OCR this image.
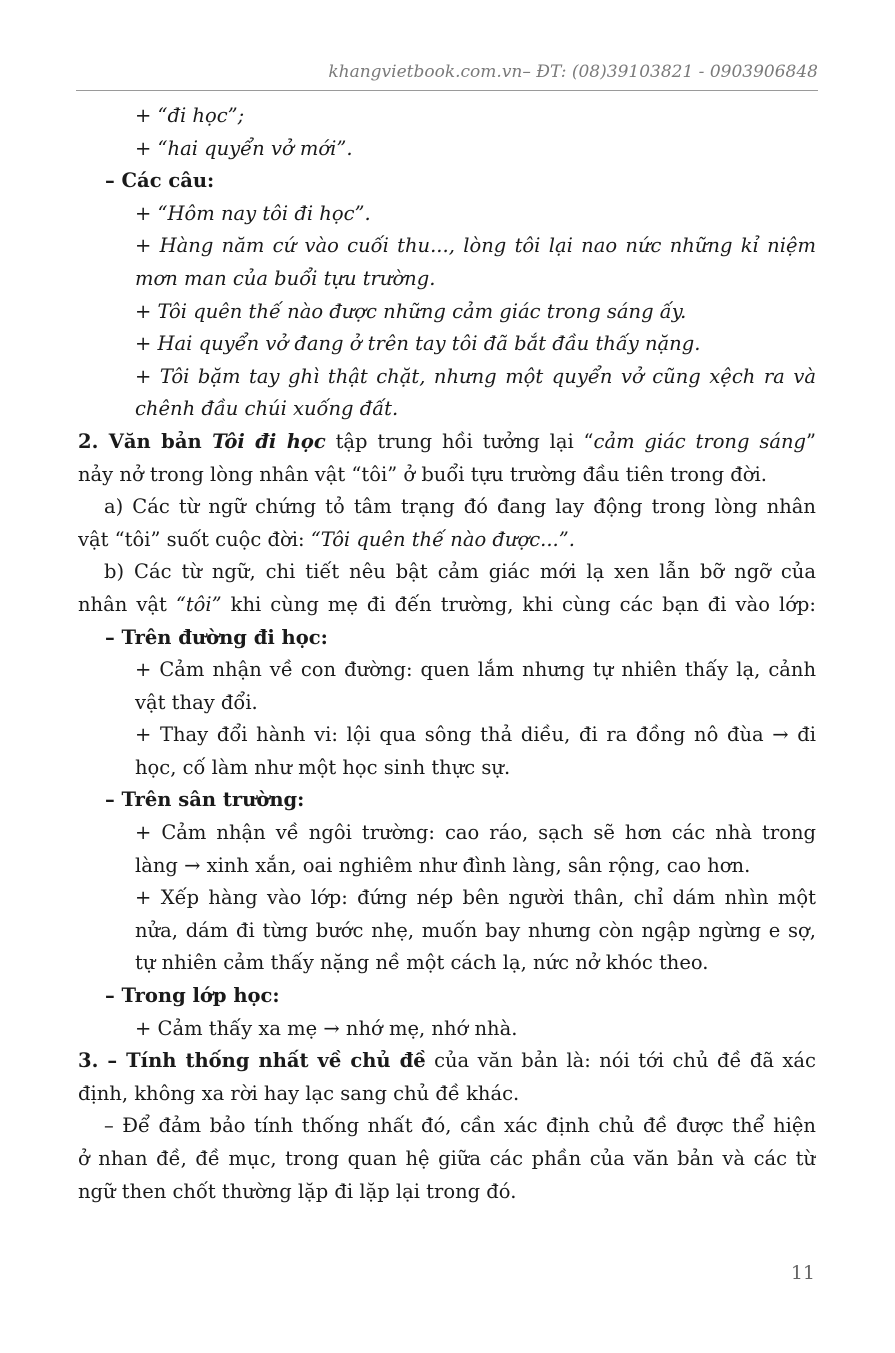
khangvietbook.com.vn– ĐT: (08)39103821 - 0903906848
+ “đi học”;
+ “hai quyển vở mới”.
– Các câu:
+ “Hôm nay tôi đi học”.
+ Hàng năm cứ vào cuối thu..., lòng tôi lại nao nức những kỉ niệm
mơn man của buổi tựu trường.
+ Tôi quên thế nào được những cảm giác trong sáng ấy.
+ Hai quyển vở đang ở trên tay tôi đã bắt đầu thấy nặng.
+ Tôi bặm tay ghì thật chặt, nhưng một quyển vở cũng xệch ra và
chênh đầu chúi xuống đất.
2. Văn bản Tôi đi học tập trung hồi tưởng lại “cảm giác trong sáng”
nảy nở trong lòng nhân vật “tôi” ở buổi tựu trường đầu tiên trong đời.
a) Các từ ngữ chứng tỏ tâm trạng đó đang lay động trong lòng nhân
vật “tôi” suốt cuộc đời: “Tôi quên thế nào được...”.
b) Các từ ngữ, chi tiết nêu bật cảm giác mới lạ xen lẫn bỡ ngỡ của
nhân vật “tôi” khi cùng mẹ đi đến trường, khi cùng các bạn đi vào lớp:
– Trên đường đi học:
+ Cảm nhận về con đường: quen lắm nhưng tự nhiên thấy lạ, cảnh
vật thay đổi.
+ Thay đổi hành vi: lội qua sông thả diều, đi ra đồng nô đùa → đi
học, cố làm như một học sinh thực sự.
– Trên sân trường:
+ Cảm nhận về ngôi trường: cao ráo, sạch sẽ hơn các nhà trong
làng → xinh xắn, oai nghiêm như đình làng, sân rộng, cao hơn.
+ Xếp hàng vào lớp: đứng nép bên người thân, chỉ dám nhìn một
nửa, dám đi từng bước nhẹ, muốn bay nhưng còn ngập ngừng e sợ,
tự nhiên cảm thấy nặng nề một cách lạ, nức nở khóc theo.
– Trong lớp học:
+ Cảm thấy xa mẹ → nhớ mẹ, nhớ nhà.
3. – Tính thống nhất về chủ đề của văn bản là: nói tới chủ đề đã xác
định, không xa rời hay lạc sang chủ đề khác.
– Để đảm bảo tính thống nhất đó, cần xác định chủ đề được thể hiện
ở nhan đề, đề mục, trong quan hệ giữa các phần của văn bản và các từ
ngữ then chốt thường lặp đi lặp lại trong đó.
11
